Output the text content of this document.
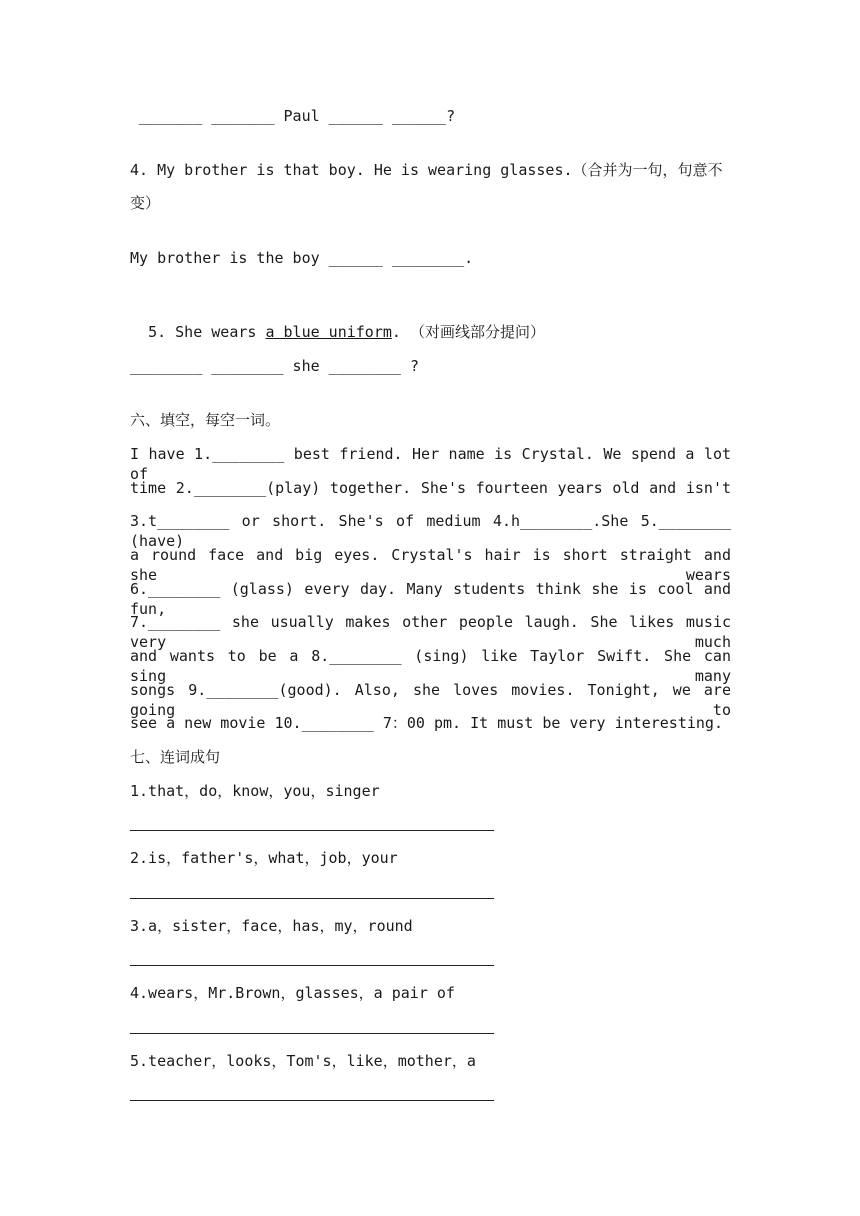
_______ _______ Paul ______ ______?
4. My brother is that boy. He is wearing glasses.（合并为一句，句意不
变）
My brother is the boy ______ ________.

5. She wears a blue uniform. （对画线部分提问）

________ ________ she ________ ?
六、填空，每空一词。
I have 1.________ best friend. Her name is Crystal. We spend a lot of
time 2.________(play) together. She's fourteen years old and isn't
3.t________ or short. She's of medium 4.h________.She 5.________ (have)
a round face and big eyes. Crystal's hair is short straight and she wears
6.________ (glass) every day. Many students think she is cool and fun,
7.________ she usually makes other people laugh. She likes music very much
and wants to be a 8.________ (sing) like Taylor Swift. She can sing many
songs 9.________(good). Also, she loves movies. Tonight, we are going to
see a new movie 10.________ 7：00 pm. It must be very interesting.
七、连词成句
1.that，do，know，you，singer
2.is，father's，what，job，your
3.a，sister，face，has，my，round
4.wears，Mr.Brown，glasses，a pair of
5.teacher，looks，Tom's，like，mother，a
